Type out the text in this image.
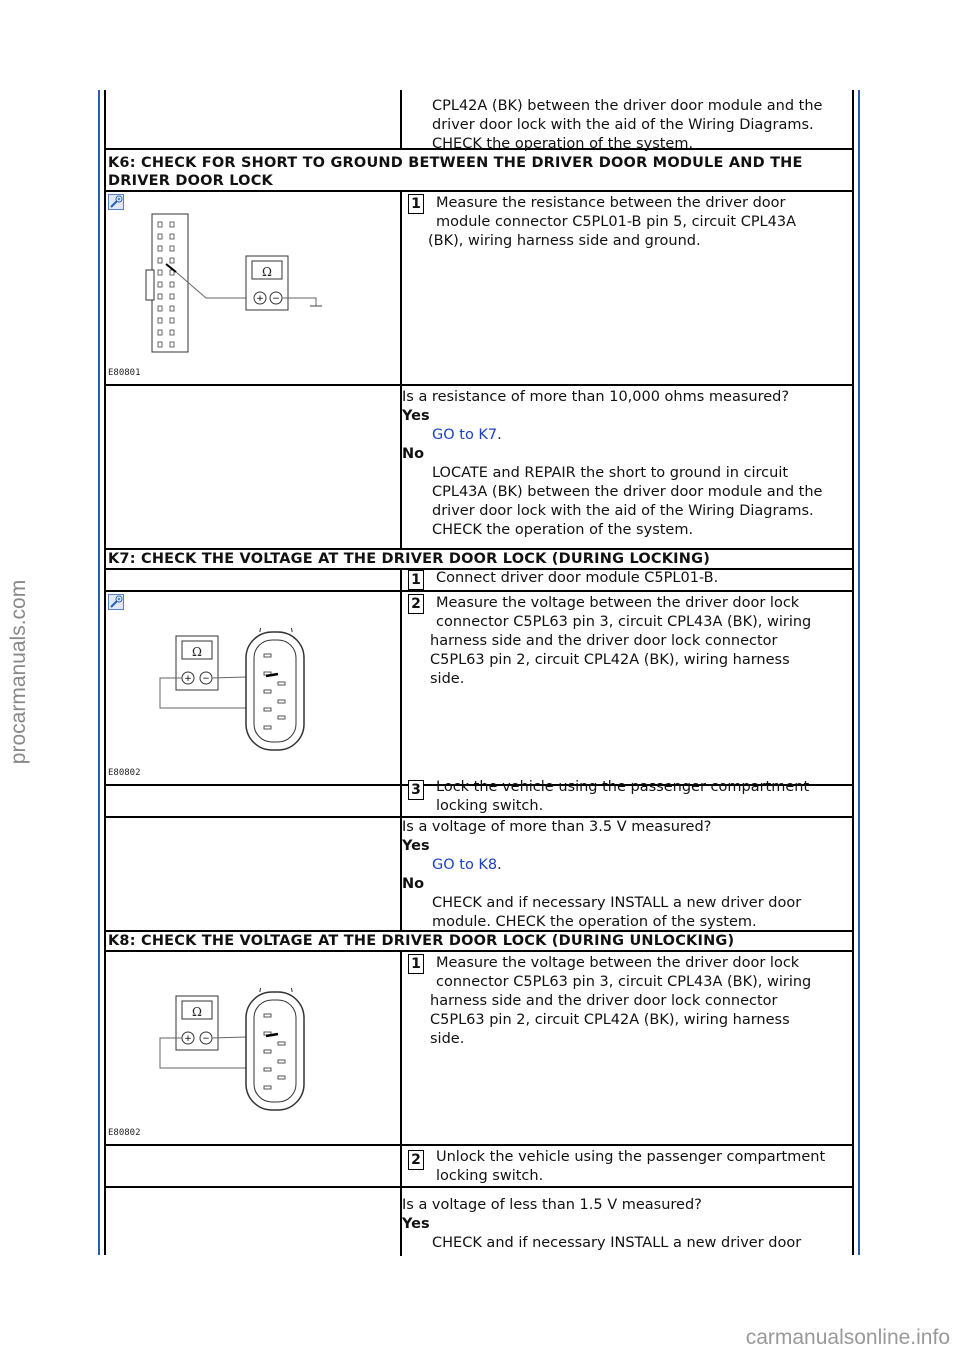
procarmanuals.com
carmanualsonline.info
CPL42A (BK) between the driver door module and the
driver door lock with the aid of the Wiring Diagrams.
CHECK the operation of the system.
K6: CHECK FOR SHORT TO GROUND BETWEEN THE DRIVER DOOR MODULE AND THE
DRIVER DOOR LOCK
Ω
+ −
E80801
1 Measure the resistance between the driver door
module connector C5PL01-B pin 5, circuit CPL43A
(BK), wiring harness side and ground.
Is a resistance of more than 10,000 ohms measured?
Yes
GO to K7.
No
LOCATE and REPAIR the short to ground in circuit
CPL43A (BK) between the driver door module and the
driver door lock with the aid of the Wiring Diagrams.
CHECK the operation of the system.
K7: CHECK THE VOLTAGE AT THE DRIVER DOOR LOCK (DURING LOCKING)
1 Connect driver door module C5PL01-B.
Ω
+ −
E80802
2 Measure the voltage between the driver door lock
connector C5PL63 pin 3, circuit CPL43A (BK), wiring
harness side and the driver door lock connector
C5PL63 pin 2, circuit CPL42A (BK), wiring harness
side.
3 Lock the vehicle using the passenger compartment
locking switch.
Is a voltage of more than 3.5 V measured?
Yes
GO to K8.
No
CHECK and if necessary INSTALL a new driver door
module. CHECK the operation of the system.
K8: CHECK THE VOLTAGE AT THE DRIVER DOOR LOCK (DURING UNLOCKING)
Ω
+ −
E80802
1 Measure the voltage between the driver door lock
connector C5PL63 pin 3, circuit CPL43A (BK), wiring
harness side and the driver door lock connector
C5PL63 pin 2, circuit CPL42A (BK), wiring harness
side.
2 Unlock the vehicle using the passenger compartment
locking switch.
Is a voltage of less than 1.5 V measured?
Yes
CHECK and if necessary INSTALL a new driver door
